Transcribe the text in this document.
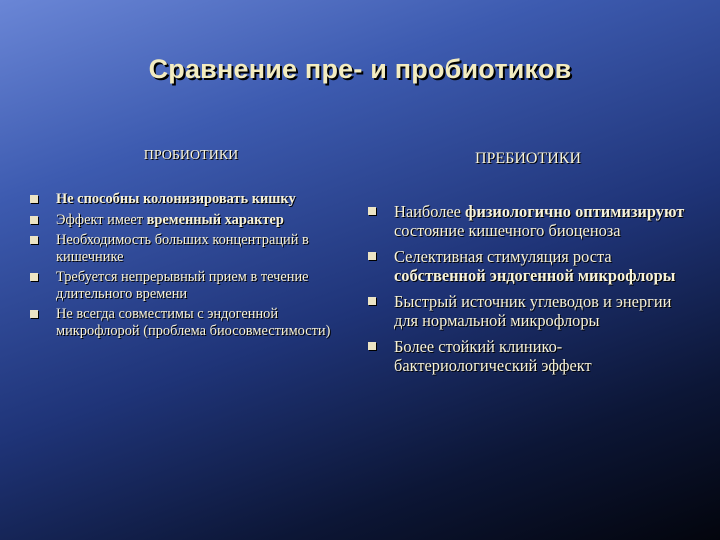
Сравнение пре- и пробиотиков
ПРОБИОТИКИ
Не способны колонизировать кишку
Эффект имеет временный характер
Необходимость больших концентраций в кишечнике
Требуется непрерывный прием в течение длительного времени
Не всегда совместимы с эндогенной микрофлорой (проблема биосовместимости)
ПРЕБИОТИКИ
Наиболее физиологично оптимизируют состояние кишечного биоценоза
Селективная стимуляция роста собственной эндогенной микрофлоры
Быстрый источник углеводов и энергии для нормальной микрофлоры
Более стойкий клинико-бактериологический эффект
